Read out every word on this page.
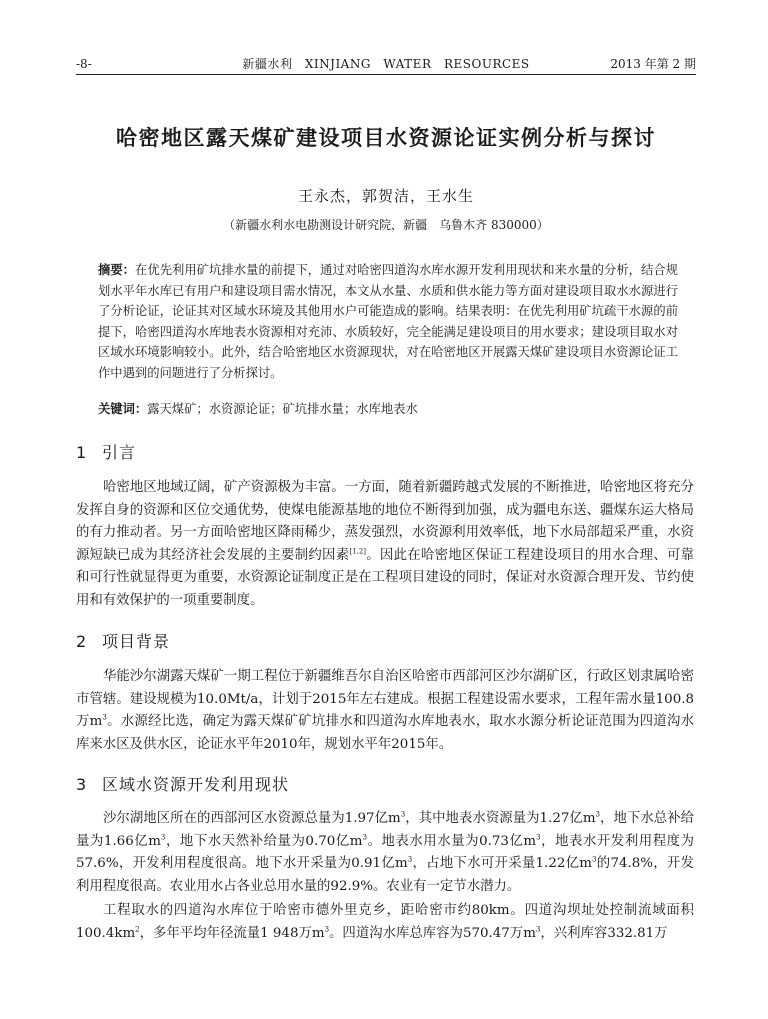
-8-	新疆水利　XINJIANG　WATER　RESOURCES	2013 年第 2 期
哈密地区露天煤矿建设项目水资源论证实例分析与探讨
王永杰，郭贺洁，王水生
（新疆水利水电勘测设计研究院，新疆　乌鲁木齐 830000）
摘要：在优先利用矿坑排水量的前提下，通过对哈密四道沟水库水源开发利用现状和来水量的分析，结合规划水平年水库已有用户和建设项目需水情况，本文从水量、水质和供水能力等方面对建设项目取水水源进行了分析论证，论证其对区域水环境及其他用水户可能造成的影响。结果表明：在优先利用矿坑疏干水源的前提下，哈密四道沟水库地表水资源相对充沛、水质较好，完全能满足建设项目的用水要求；建设项目取水对区域水环境影响较小。此外，结合哈密地区水资源现状，对在哈密地区开展露天煤矿建设项目水资源论证工作中遇到的问题进行了分析探讨。
关键词：露天煤矿；水资源论证；矿坑排水量；水库地表水
1 引言

哈密地区地域辽阔，矿产资源极为丰富。一方面，随着新疆跨越式发展的不断推进，哈密地区将充分发挥自身的资源和区位交通优势，使煤电能源基地的地位不断得到加强，成为疆电东送、疆煤东运大格局的有力推动者。另一方面哈密地区降雨稀少，蒸发强烈，水资源利用效率低，地下水局部超采严重，水资源短缺已成为其经济社会发展的主要制约因素[1,2]。因此在哈密地区保证工程建设项目的用水合理、可靠和可行性就显得更为重要，水资源论证制度正是在工程项目建设的同时，保证对水资源合理开发、节约使用和有效保护的一项重要制度。

2 项目背景

华能沙尔湖露天煤矿一期工程位于新疆维吾尔自治区哈密市西部河区沙尔湖矿区，行政区划隶属哈密市管辖。建设规模为10.0Mt/a，计划于2015年左右建成。根据工程建设需水要求，工程年需水量100.8万$m^3$。水源经比选，确定为露天煤矿矿坑排水和四道沟水库地表水，取水水源分析论证范围为四道沟水库来水区及供水区，论证水平年2010年，规划水平年2015年。

3 区域水资源开发利用现状

沙尔湖地区所在的西部河区水资源总量为1.97亿$m^3$，其中地表水资源量为1.27亿$m^3$，地下水总补给量为1.66亿$m^3$，地下水天然补给量为0.70亿$m^3$。地表水用水量为0.73亿$m^3$，地表水开发利用程度为57.6%，开发利用程度很高。地下水开采量为0.91亿$m^3$，占地下水可开采量1.22亿$m^3$的74.8%，开发利用程度很高。农业用水占各业总用水量的92.9%。农业有一定节水潜力。

工程取水的四道沟水库位于哈密市德外里克乡，距哈密市约80km。四道沟坝址处控制流域面积$100.4km^2$，多年平均年径流量1 948万$m^3$。四道沟水库总库容为570.47万$m^3$，兴利库容332.81万
